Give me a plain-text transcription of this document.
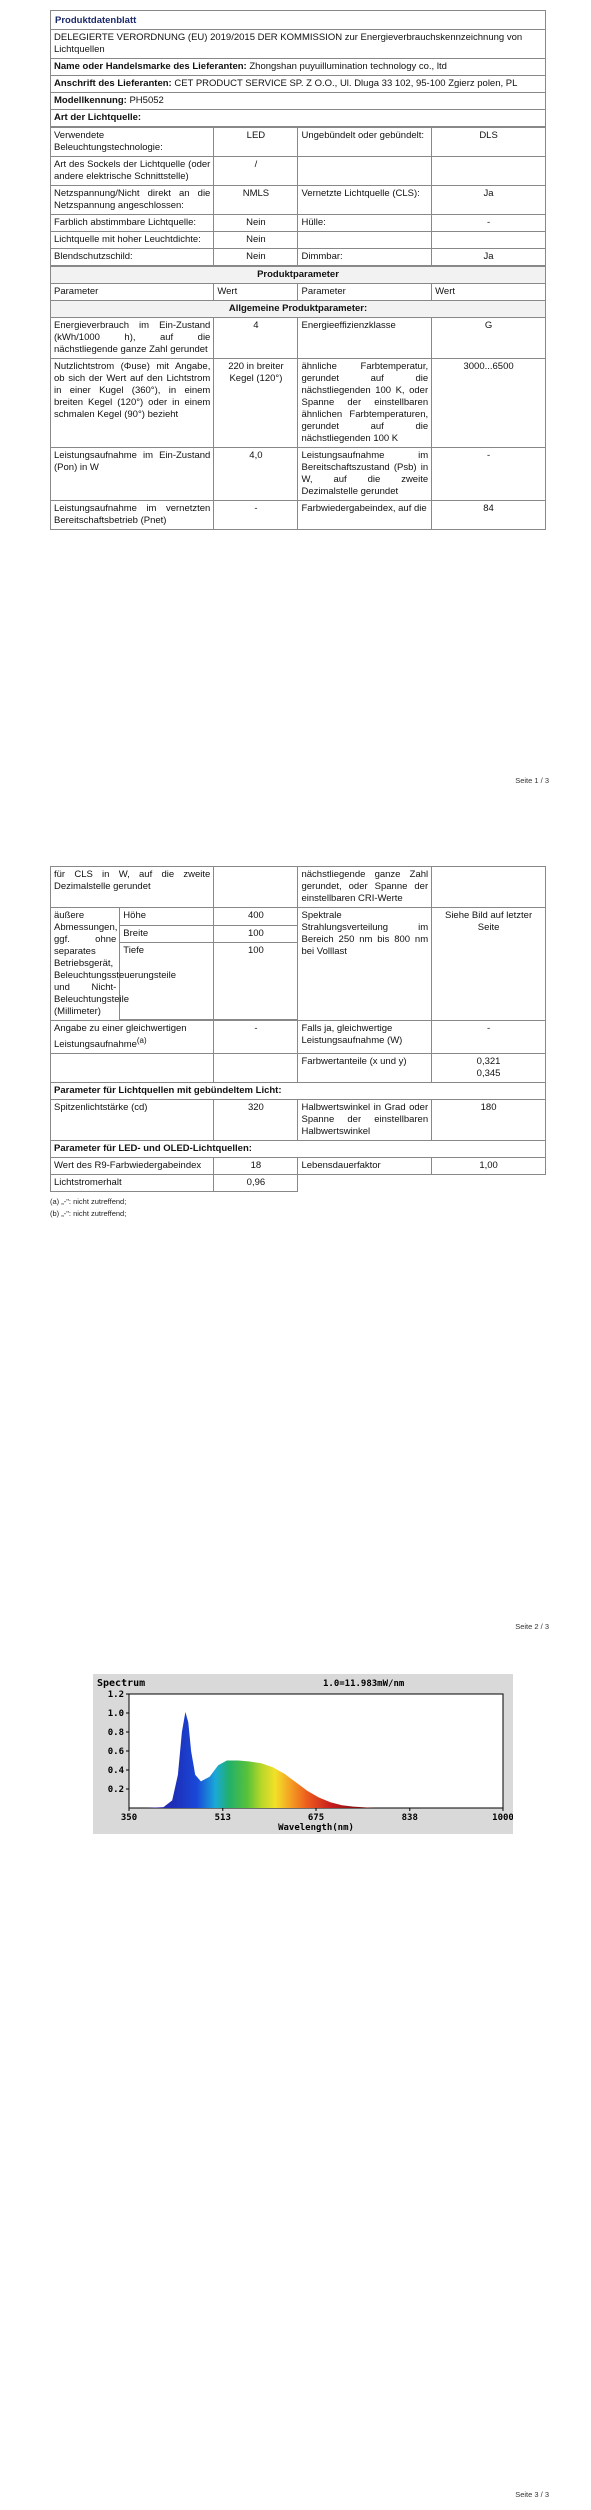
Produktdatenblatt
DELEGIERTE VERORDNUNG (EU) 2019/2015 DER KOMMISSION zur Energieverbrauchskennzeichnung von Lichtquellen
Name oder Handelsmarke des Lieferanten: Zhongshan puyuillumination technology co., ltd
Anschrift des Lieferanten: CET PRODUCT SERVICE SP. Z O.O., Ul. Dluga 33 102, 95-100 Zgierz polen, PL
Modellkennung: PH5052
Art der Lichtquelle:
Verwendete Beleuchtungstechnologie:	LED	Ungebündelt oder gebündelt:	DLS
Art des Sockels der Lichtquelle (oder andere elektrische Schnittstelle)	/		
Netzspannung/Nicht direkt an die Netzspannung angeschlossen:	NMLS	Vernetzte Lichtquelle (CLS):	Ja
Farblich abstimmbare Lichtquelle:	Nein	Hülle:	-
Lichtquelle mit hoher Leuchtdichte:	Nein		
Blendschutzschild:	Nein	Dimmbar:	Ja
Produktparameter			
Parameter	Wert	Parameter	Wert
Allgemeine Produktparameter:			
Energieverbrauch im Ein-Zustand (kWh/1000 h), auf die nächstliegende ganze Zahl gerundet	4	Energieeffizienzklasse	G
Nutzlichtstrom (Φuse) mit Angabe, ob sich der Wert auf den Lichtstrom in einer Kugel (360°), in einem breiten Kegel (120°) oder in einem schmalen Kegel (90°) bezieht	220 in breiter Kegel (120°)	ähnliche Farbtemperatur, gerundet auf die nächstliegenden 100 K, oder Spanne der einstellbaren ähnlichen Farbtemperaturen, gerundet auf die nächstliegenden 100 K	3000...6500
Leistungsaufnahme im Ein-Zustand (Pon) in W	4,0	Leistungsaufnahme im Bereitschaftszustand (Psb) in W, auf die zweite Dezimalstelle gerundet	-
Leistungsaufnahme im vernetzten Bereitschaftsbetrieb (Pnet)	-	Farbwiedergabeindex, auf die	84
Seite 1 / 3
für CLS in W, auf die zweite Dezimalstelle gerundet			nächstliegende ganze Zahl gerundet, oder Spanne der einstellbaren CRI-Werte	
äußere Abmessungen, ggf. ohne separates Betriebsgerät, Beleuchtungssteuerungsteile und Nicht-Beleuchtungsteile (Millimeter)	Höhe	400	Spektrale Strahlungsverteilung im Bereich 250 nm bis 800 nm bei Volllast	Siehe Bild auf letzter Seite
	Breite	100		
	Tiefe	100		

Angabe zu einer gleichwertigen Leistungsaufnahme$^{(a)}$		-	Falls ja, gleichwertige Leistungsaufnahme (W)	-
			Farbwertanteile (x und y)	0,321
0,345
Parameter für Lichtquellen mit gebündeltem Licht:				
Spitzenlichtstärke (cd)		320	Halbwertswinkel in Grad oder Spanne der einstellbaren Halbwertswinkel	180
Parameter für LED- und OLED-Lichtquellen:				
Wert des R9-Farbwiedergabeindex		18	Lebensdauerfaktor	1,00
Lichtstromerhalt		0,96		
(a) „-": nicht zutreffend;
(b) „-": nicht zutreffend;
Seite 2 / 3
Seite 3 / 3
0.2
0.4
0.6
0.8
1.0
1.2
350	513	675	838	1000
Spectrum	1.0=11.983mW/nm
Wavelength(nm)
